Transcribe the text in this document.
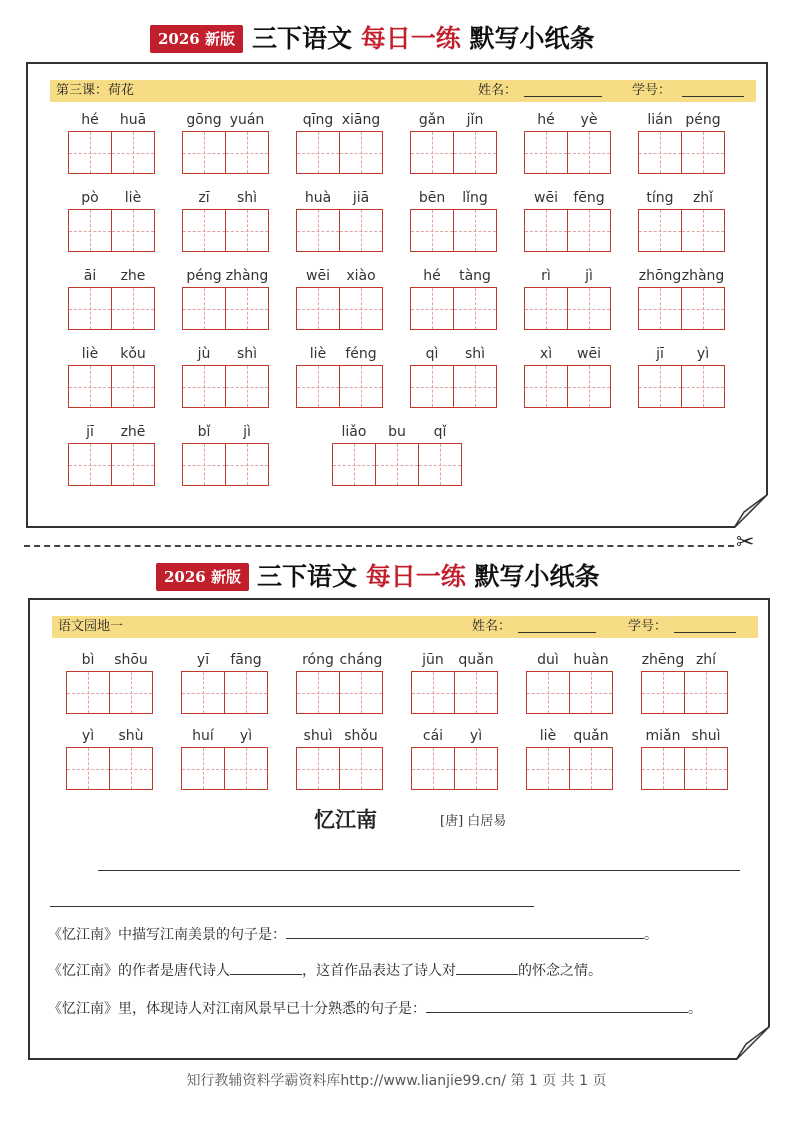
2026 新版 三下语文 每日一练 默写小纸条
第三课：荷花	姓名：	学号：
hé	huā	gōng yuán	qīng xiāng	gǎn	jǐn	hé	yè	lián péng
pò	liè	zī	shì	huà	jiā	bēn	lǐng	wēi	fēng	tíng	zhǐ
āi	zhe	péng zhàng	wēi	xiào	hé	tàng	rì	jì	zhōng zhàng
liè	kǒu	jù	shì	liè	féng	qì	shì	xì	wēi	jī	yì
jī	zhē	bǐ	jì	liǎo	bu	qǐ
✂
2026 新版 三下语文 每日一练 默写小纸条
语文园地一	姓名：	学号：
bì	shōu	yī	fāng	róng cháng	jūn	quǎn	duì	huàn	zhēng zhí
yì	shù	huí	yì	shuì shǒu	cái	yì	liè	quǎn	miǎn shuì
忆江南	[唐] 白居易
《忆江南》中描写江南美景的句子是：	。
《忆江南》的作者是唐代诗人	，这首作品表达了诗人对	的怀念之情。
《忆江南》里，体现诗人对江南风景早已十分熟悉的句子是：	。
知行教辅资料学霸资料库http://www.lianjie99.cn/ 第 1 页 共 1 页
